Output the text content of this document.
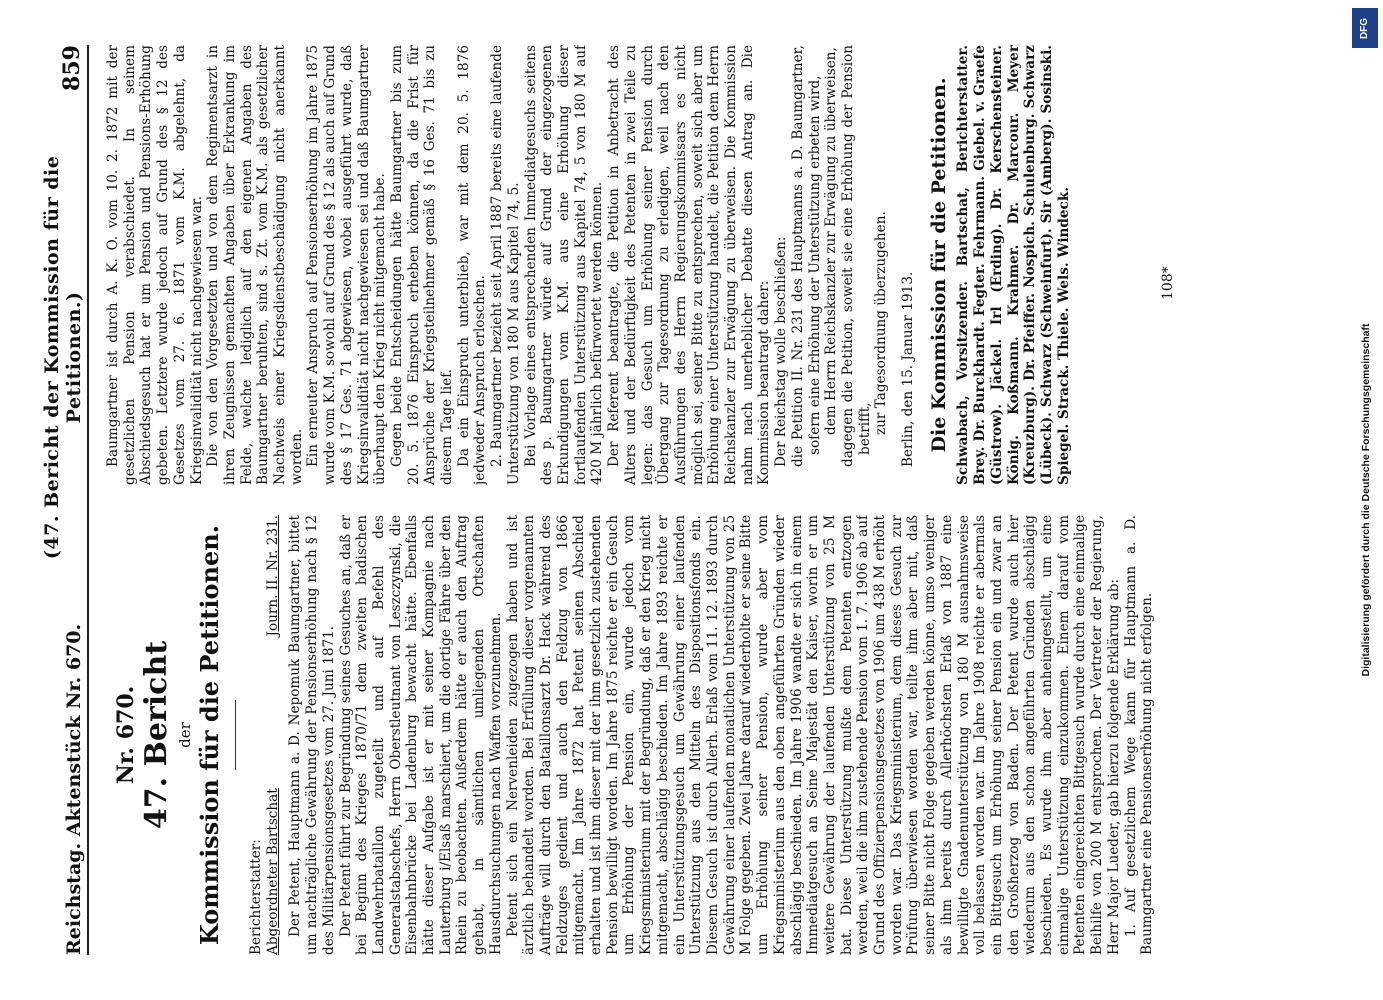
Reichstag. Aktenstück Nr. 670.
(47. Bericht der Kommission für die Petitionen.)
859

Nr. 670. 47. Bericht der Kommission für die Petitionen. Berichterstatter: Abgeordneter Bartschat
Journ. II. Nr. 231. Der Petent, Hauptmann a. D. Nepomuk Baumgartner, bittet um nachträgliche Gewährung der Pensionserhöhung nach § 12 des Militärpensionsgesetzes vom 27. Juni 1871. Der Petent führt zur Begründung seines Gesuches an, daß er bei Beginn des Krieges 1870/71 dem zweiten badischen Landwehrbataillon zugeteilt und auf Befehl des Generalstabschefs, Herrn Oberstleutnant von Leszczynski, die Eisenbahnbrücke bei Ladenburg bewacht hätte. Ebenfalls hätte dieser Aufgabe ist er mit seiner Kompagnie nach Lauterburg i/Elsaß marschiert, um die dortige Fähre über den Rhein zu beobachten. Außerdem hätte er auch den Auftrag gehabt, in sämtlichen umliegenden Ortschaften Hausdurchsuchungen nach Waffen vorzunehmen. Petent sich ein Nervenleiden zugezogen haben und ist ärztlich behandelt worden. Bei Erfüllung dieser vorgenannten Aufträge will durch den Bataillonsarzt Dr. Hack während des Feldzuges gedient und auch den Feldzug von 1866 mitgemacht. Im Jahre 1872 hat Petent seinen Abschied erhalten und ist ihm dieser mit der ihm gesetzlich zustehenden Pension bewilligt worden. Im Jahre 1875 reichte er ein Gesuch um Erhöhung der Pension ein, wurde jedoch vom Kriegsministerium mit der Begründung, daß er den Krieg nicht mitgemacht, abschlägig beschieden. Im Jahre 1893 reichte er ein Unterstützungsgesuch um Gewährung einer laufenden Unterstützung aus den Mitteln des Dispositionsfonds ein. Diesem Gesuch ist durch Allerh. Erlaß vom 11. 12. 1893 durch Gewährung einer laufenden monatlichen Unterstützung von 25 M Folge gegeben. Zwei Jahre darauf wiederholte er seine Bitte um Erhöhung seiner Pension, wurde aber vom Kriegsministerium aus den oben angeführten Gründen wieder abschlägig beschieden. Im Jahre 1906 wandte er sich in einem Immediatgesuch an Seine Majestät den Kaiser, worin er um weitere Gewährung der laufenden Unterstützung von 25 M bat. Diese Unterstützung mußte dem Petenten entzogen werden, weil die ihm zustehende Pension vom 1. 7. 1906 ab auf Grund des Offizierpensionsgesetzes von 1906 um 438 M erhöht worden war. Das Kriegsministerium, dem dieses Gesuch zur Prüfung überwiesen worden war, teilte ihm aber mit, daß seiner Bitte nicht Folge gegeben werden könne, umso weniger als ihm bereits durch Allerhöchsten Erlaß von 1887 eine bewilligte Gnadenunterstützung von 180 M ausnahmsweise voll belassen worden war. Im Jahre 1908 reichte er abermals ein Bittgesuch um Erhöhung seiner Pension ein und zwar an den Großherzog von Baden. Der Petent wurde auch hier wiederum aus den schon angeführten Gründen abschlägig beschieden. Es wurde ihm aber anheimgestellt, um eine einmalige Unterstützung einzukommen. Einem darauf vom Petenten eingereichten Bittgesuch wurde durch eine einmalige Beihilfe von 200 M entsprochen. Der Vertreter der Regierung, Herr Major Lueder, gab hierzu folgende Erklärung ab: 1. Auf gesetzlichem Wege kann für Hauptmann a. D. Baumgartner eine Pensionserhöhung nicht erfolgen.

Baumgartner ist durch A. K. O. vom 10. 2. 1872 mit der gesetzlichen Pension verabschiedet. In seinem Abschiedsgesuch hat er um Pension und Pensions-Erhöhung gebeten. Letztere wurde jedoch auf Grund des § 12 des Gesetzes vom 27. 6. 1871 vom K.M. abgelehnt, da Kriegsinvalidität nicht nachgewiesen war. Die von den Vorgesetzten und von dem Regimentsarzt in ihren Zeugnissen gemachten Angaben über Erkrankung im Felde, welche lediglich auf den eigenen Angaben des Baumgartner beruhten, sind s. Zt. vom K.M. als gesetzlicher Nachweis einer Kriegsdienstbeschädigung nicht anerkannt worden. Ein erneuter Anspruch auf Pensionserhöhung im Jahre 1875 wurde vom K.M. sowohl auf Grund des § 12 als auch auf Grund des § 17 Ges. 71 abgewiesen, wobei ausgeführt wurde, daß Kriegsinvalidität nicht nachgewiesen sei und daß Baumgartner überhaupt den Krieg nicht mitgemacht habe. Gegen beide Entscheidungen hätte Baumgartner bis zum 20. 5. 1876 Einspruch erheben können, da die Frist für Ansprüche der Kriegsteilnehmer gemäß § 16 Ges. 71 bis zu diesem Tage lief. Da ein Einspruch unterblieb, war mit dem 20. 5. 1876 jedweder Anspruch erloschen. 2. Baumgartner bezieht seit April 1887 bereits eine laufende Unterstützung von 180 M aus Kapitel 74, 5. Bei Vorlage eines entsprechenden Immediatgesuchs seitens des p. Baumgartner würde auf Grund der eingezogenen Erkundigungen vom K.M. aus eine Erhöhung dieser fortlaufenden Unterstützung aus Kapitel 74, 5 von 180 M auf 420 M jährlich befürwortet werden können. Der Referent beantragte, die Petition in Anbetracht des Alters und der Bedürftigkeit des Petenten in zwei Teile zu legen: das Gesuch um Erhöhung seiner Pension durch Übergang zur Tagesordnung zu erledigen, weil nach den Ausführungen des Herrn Regierungskommissars es nicht möglich sei, seiner Bitte zu entsprechen, soweit sich aber um Erhöhung einer Unterstützung handelt, die Petition dem Herrn Reichskanzler zur Erwägung zu überweisen. Die Kommission nahm nach unerheblicher Debatte diesen Antrag an. Die Kommission beantragt daher: Der Reichstag wolle beschließen: die Petition II. Nr. 231 des Hauptmanns a. D. Baumgartner, sofern eine Erhöhung der Unterstützung erbeten wird, dem Herrn Reichskanzler zur Erwägung zu überweisen, dagegen die Petition, soweit sie eine Erhöhung der Pension betrifft, zur Tagesordnung überzugehen. Berlin, den 15. Januar 1913. Die Kommission für die Petitionen. Schwabach, Vorsitzender. Bartschat, Berichterstatter. Brey. Dr. Burckhardt. Fegter. Fehrmann. Giebel. v. Graefe (Güstrow). Jäckel. Irl (Erding). Dr. Kerschensteiner. König. Koßmann. Krahmer. Dr. Marcour. Meyer (Kreuzburg). Dr. Pfeiffer. Nospich. Schulenburg. Schwarz (Lübeck). Schwarz (Schweinfurt). Sir (Amberg). Sosinski. Spiegel. Strack. Thiele. Wels. Windeck.	108*
DFG
Digitalisierung gefördert durch die Deutsche Forschungsgemeinschaft
